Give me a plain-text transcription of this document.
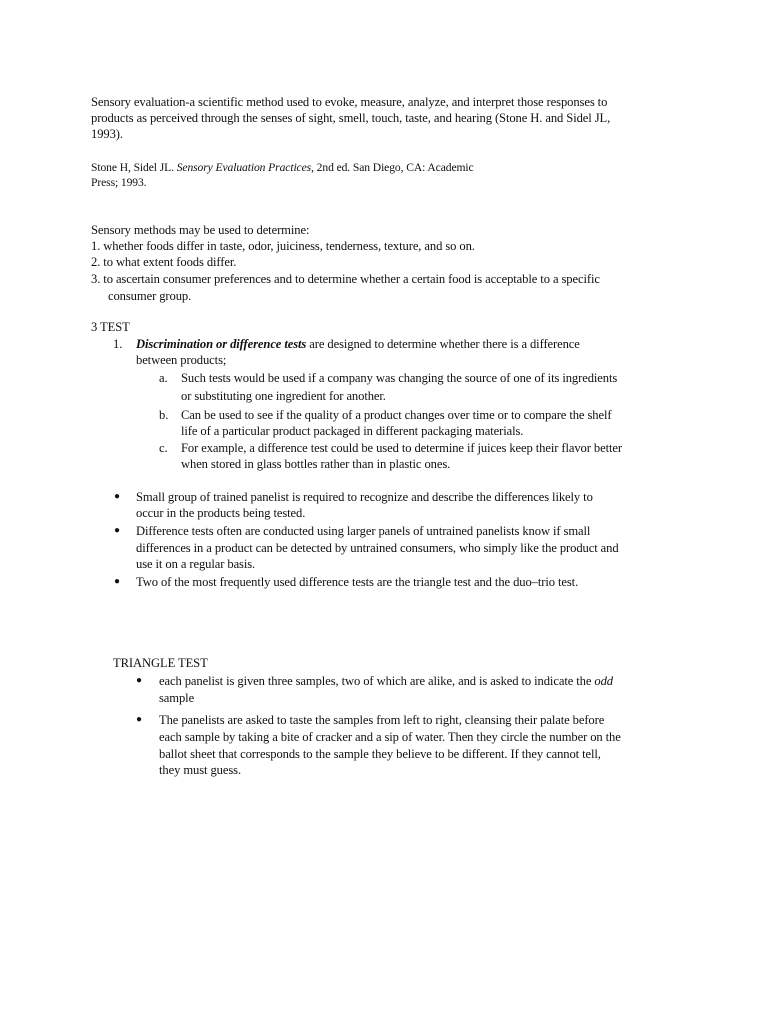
Sensory evaluation-a scientific method used to evoke, measure, analyze, and interpret those responses to
products as perceived through the senses of sight, smell, touch, taste, and hearing (Stone H. and Sidel JL,
1993).
Stone H, Sidel JL. Sensory Evaluation Practices, 2nd ed. San Diego, CA: Academic
Press; 1993.
Sensory methods may be used to determine:
1. whether foods differ in taste, odor, juiciness, tenderness, texture, and so on.
2. to what extent foods differ.
3. to ascertain consumer preferences and to determine whether a certain food is acceptable to a specific
consumer group.
3 TEST
1. Discrimination or difference tests are designed to determine whether there is a difference
between products;
a. Such tests would be used if a company was changing the source of one of its ingredients
or substituting one ingredient for another.
b. Can be used to see if the quality of a product changes over time or to compare the shelf
life of a particular product packaged in different packaging materials.
c. For example, a difference test could be used to determine if juices keep their flavor better
when stored in glass bottles rather than in plastic ones.
● Small group of trained panelist is required to recognize and describe the differences likely to
occur in the products being tested.
● Difference tests often are conducted using larger panels of untrained panelists know if small
differences in a product can be detected by untrained consumers, who simply like the product and
use it on a regular basis.
● Two of the most frequently used difference tests are the triangle test and the duo–trio test.
TRIANGLE TEST
● each panelist is given three samples, two of which are alike, and is asked to indicate the odd
sample
● The panelists are asked to taste the samples from left to right, cleansing their palate before
each sample by taking a bite of cracker and a sip of water. Then they circle the number on the
ballot sheet that corresponds to the sample they believe to be different. If they cannot tell,
they must guess.
